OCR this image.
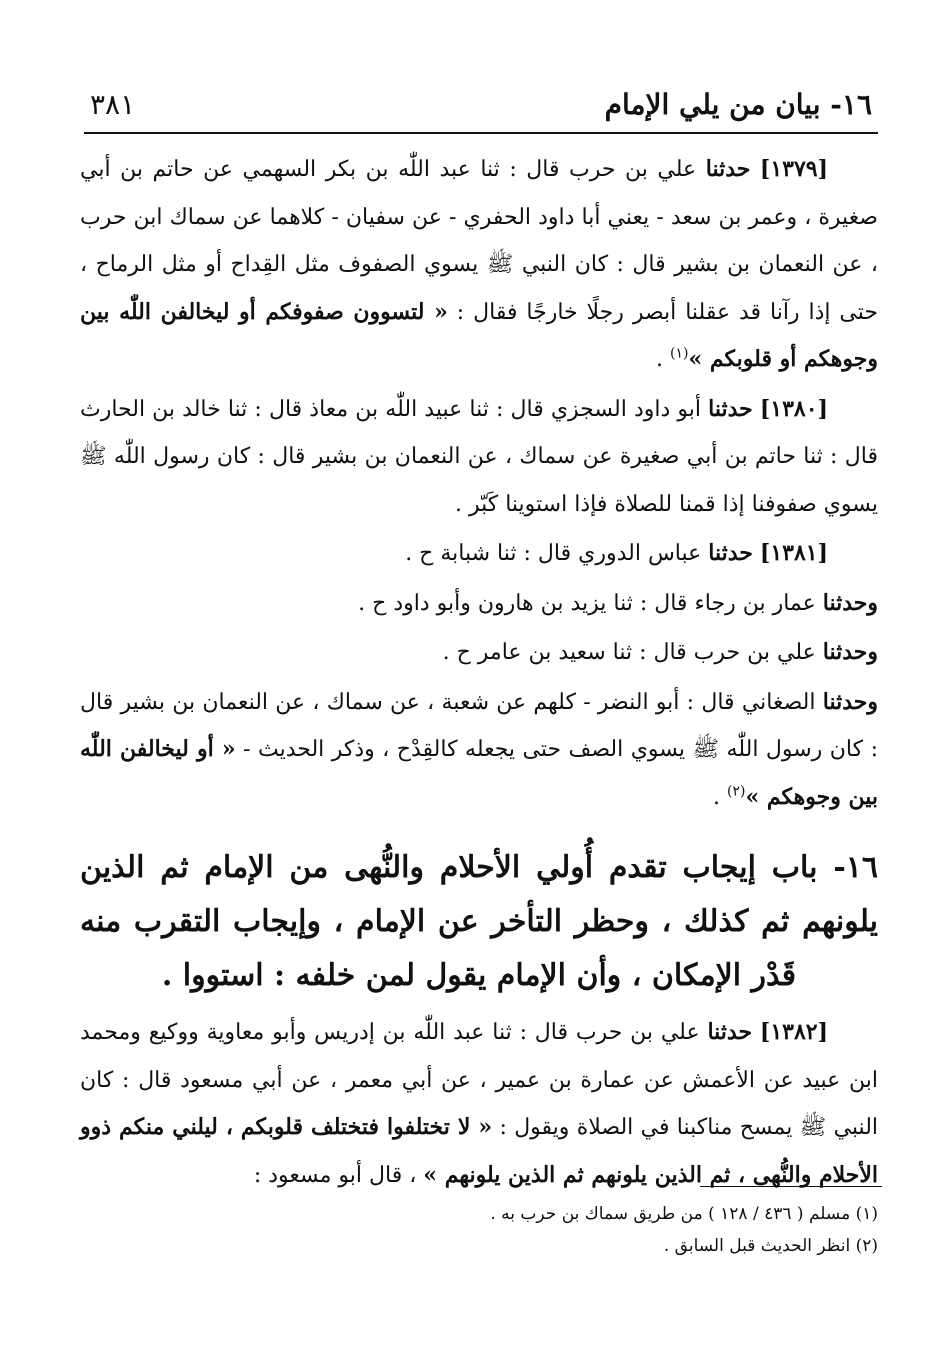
١٦- بيان من يلي الإمام
٣٨١

[١٣٧٩] حدثنا علي بن حرب قال : ثنا عبد اللّٰه بن بكر السهمي عن حاتم بن أبي صغيرة ، وعمر بن سعد - يعني أبا داود الحفري - عن سفيان - كلاهما عن سماك ابن حرب ، عن النعمان بن بشير قال : كان النبي ﷺ يسوي الصفوف مثل القِداح أو مثل الرماح ، حتى إذا رآنا قد عقلنا أبصر رجلًا خارجًا فقال : « لتسوون صفوفكم أو ليخالفن اللّٰه بين وجوهكم أو قلوبكم »$^{(١)}$ .

[١٣٨٠] حدثنا أبو داود السجزي قال : ثنا عبيد اللّٰه بن معاذ قال : ثنا خالد بن الحارث قال : ثنا حاتم بن أبي صغيرة عن سماك ، عن النعمان بن بشير قال : كان رسول اللّٰه ﷺ يسوي صفوفنا إذا قمنا للصلاة فإذا استوينا كَبّر .

[١٣٨١] حدثنا عباس الدوري قال : ثنا شبابة ح .

وحدثنا عمار بن رجاء قال : ثنا يزيد بن هارون وأبو داود ح .

وحدثنا علي بن حرب قال : ثنا سعيد بن عامر ح .

وحدثنا الصغاني قال : أبو النضر - كلهم عن شعبة ، عن سماك ، عن النعمان بن بشير قال : كان رسول اللّٰه ﷺ يسوي الصف حتى يجعله كالقِدْح ، وذكر الحديث - « أو ليخالفن اللّٰه بين وجوهكم »$^{(٢)}$ .

١٦- باب إيجاب تقدم أُولي الأحلام والنُّهى من الإمام ثم الذين يلونهم ثم كذلك ، وحظر التأخر عن الإمام ، وإيجاب التقرب منه قَدْر الإمكان ، وأن الإمام يقول لمن خلفه : استووا .

[١٣٨٢] حدثنا علي بن حرب قال : ثنا عبد اللّٰه بن إدريس وأبو معاوية ووكيع ومحمد ابن عبيد عن الأعمش عن عمارة بن عمير ، عن أبي معمر ، عن أبي مسعود قال : كان النبي ﷺ يمسح مناكبنا في الصلاة ويقول : « لا تختلفوا فتختلف قلوبكم ، ليلني منكم ذوو الأحلام والنُّهى ، ثم الذين يلونهم ثم الذين يلونهم » ، قال أبو مسعود :

(١) مسلم ( ٤٣٦ / ١٢٨ ) من طريق سماك بن حرب به .

(٢) انظر الحديث قبل السابق .
